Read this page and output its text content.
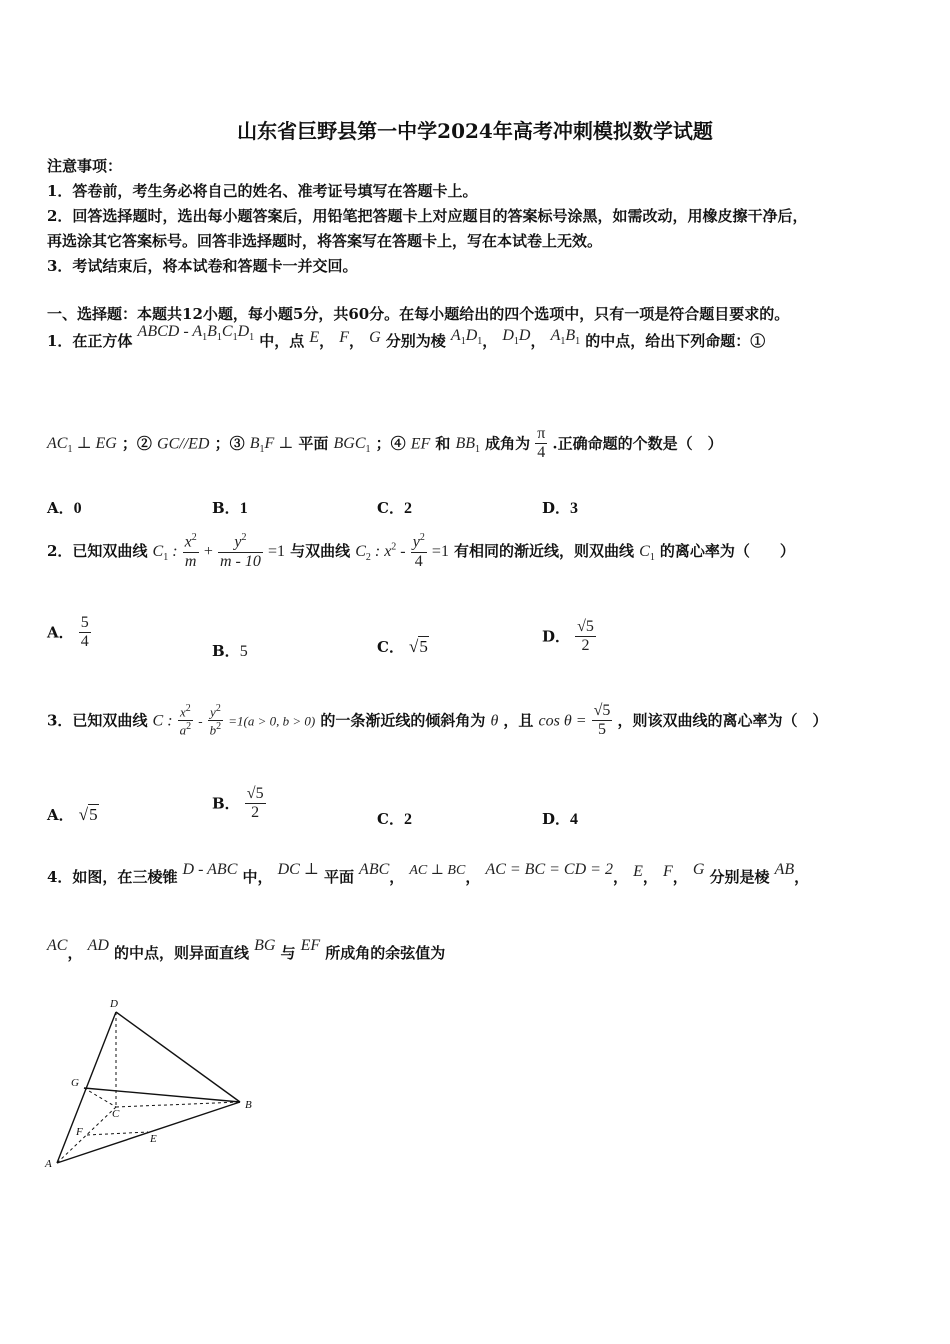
山东省巨野县第一中学2024年高考冲刺模拟数学试题
注意事项：
1．答卷前，考生务必将自己的姓名、准考证号填写在答题卡上。
2．回答选择题时，选出每小题答案后，用铅笔把答题卡上对应题目的答案标号涂黑，如需改动，用橡皮擦干净后，
再选涂其它答案标号。回答非选择题时，将答案写在答题卡上，写在本试卷上无效。
3．考试结束后，将本试卷和答题卡一并交回。
一、选择题：本题共12小题，每小题5分，共60分。在每小题给出的四个选项中，只有一项是符合题目要求的。
1．在正方体 ABCD - $A_1B_1C_1D_1$ 中，点 E， F， G 分别为棱 $A_1D_1$， $D_1D$， $A_1B_1$ 的中点，给出下列命题：①
$AC_1$ ⊥ EG ；② GC//ED ；③ $B_1F$ ⊥ 平面 $BGC_1$ ；④ EF 和 $BB_1$ 成角为 $\frac{\pi}{4}$ .正确命题的个数是（　）
A．0	B．1	C．2	D．3
2．已知双曲线 $C_1$ : $\frac{x^2}{m} + \frac{y^2}{m - 10} =1$ 与双曲线 $C_2$ : $x^2 - \frac{y^2}{4} =1$ 有相同的渐近线，则双曲线 $C_1$ 的离心率为（　　）
A． $\frac{5}{4}$	B．5	C． √5
D． $\frac{√5}{2}$
3．已知双曲线 C : $\frac{x^2}{a^2} - \frac{y^2}{b^2} =1(a > 0$, b > 0) 的一条渐近线的倾斜角为 θ ，且 $\cos \theta = \frac{√5}{5}$ ，则该双曲线的离心率为（　）
A． √5
B． $\frac{√5}{2}$	C．2	D．4
4．如图，在三棱锥 D - ABC 中， DC ⊥ 平面 ABC， AC ⊥ BC， AC = BC = CD = 2， E， F， G 分别是棱 AB，
AC， AD 的中点，则异面直线 BG 与 EF 所成角的余弦值为
D
G
C
B
F
E
A
